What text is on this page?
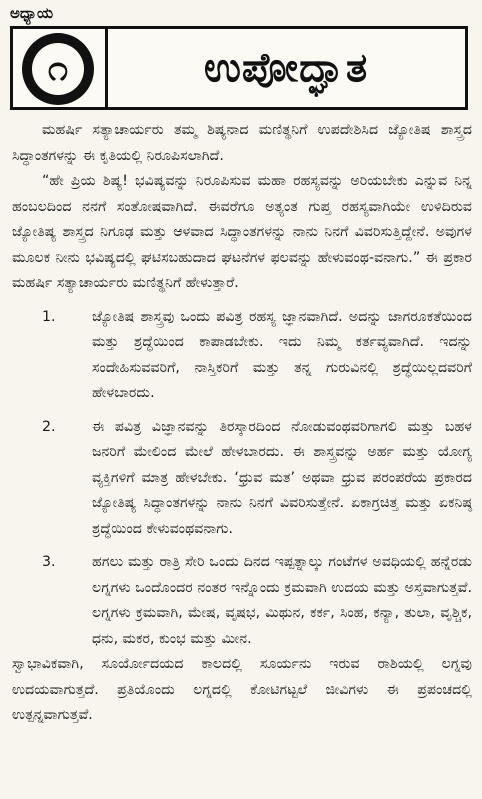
ಅಧ್ಯಾಯ
೧	ಉಪೋದ್ಘಾತ

ಮಹರ್ಷಿ ಸತ್ಯಾಚಾರ್ಯರು ತಮ್ಮ ಶಿಷ್ಯನಾದ ಮಣಿತ್ಥನಿಗೆ ಉಪದೇಶಿಸಿದ ಜ್ಯೋತಿಷ ಶಾಸ್ತ್ರದ ಸಿದ್ಧಾಂತಗಳನ್ನು ಈ ಕೃತಿಯಲ್ಲಿ ನಿರೂಪಿಸಲಾಗಿದೆ.

“ಹೇ ಪ್ರಿಯ ಶಿಷ್ಯ! ಭವಿಷ್ಯವನ್ನು ನಿರೂಪಿಸುವ ಮಹಾ ರಹಸ್ಯವನ್ನು ಅರಿಯಬೇಕು ಎನ್ನುವ ನಿನ್ನ ಹಂಬಲದಿಂದ ನನಗೆ ಸಂತೋಷವಾಗಿದೆ. ಈವರೆಗೂ ಅತ್ಯಂತ ಗುಪ್ತ ರಹಸ್ಯವಾಗಿಯೇ ಉಳಿದಿರುವ ಜ್ಯೋತಿಷ್ಯ ಶಾಸ್ತ್ರದ ನಿಗೂಢ ಮತ್ತು ಆಳವಾದ ಸಿದ್ಧಾಂತಗಳನ್ನು ನಾನು ನಿನಗೆ ವಿವರಿಸುತ್ತಿದ್ದೇನೆ. ಅವುಗಳ ಮೂಲಕ ನೀನು ಭವಿಷ್ಯದಲ್ಲಿ ಘಟಿಸಬಹುದಾದ ಘಟನೆಗಳ ಫಲವನ್ನು ಹೇಳುವಂಥ-ವನಾಗು.” ಈ ಪ್ರಕಾರ ಮಹರ್ಷಿ ಸತ್ಯಾಚಾರ್ಯರು ಮಣಿತ್ಥನಿಗೆ ಹೇಳುತ್ತಾರೆ.

1.	ಜ್ಯೋತಿಷ ಶಾಸ್ತ್ರವು ಒಂದು ಪವಿತ್ರ ರಹಸ್ಯ ಜ್ಞಾನವಾಗಿದೆ. ಅದನ್ನು ಜಾಗರೂಕತೆಯಿಂದ ಮತ್ತು ಶ್ರದ್ಧೆಯಿಂದ ಕಾಪಾಡಬೇಕು. ಇದು ನಿಮ್ಮ ಕರ್ತವ್ಯವಾಗಿದೆ. ಇದನ್ನು ಸಂದೇಹಿಸುವವರಿಗೆ, ನಾಸ್ತಿಕರಿಗೆ ಮತ್ತು ತನ್ನ ಗುರುವಿನಲ್ಲಿ ಶ್ರದ್ಧೆಯಿಲ್ಲದವರಿಗೆ ಹೇಳಬಾರದು.
2.	ಈ ಪವಿತ್ರ ವಿಜ್ಞಾನವನ್ನು ತಿರಸ್ಕಾರದಿಂದ ನೋಡುವಂಥವರಿಗಾಗಲಿ ಮತ್ತು ಬಹಳ ಜನರಿಗೆ ಮೇಲಿಂದ ಮೇಲೆ ಹೇಳಬಾರದು. ಈ ಶಾಸ್ತ್ರವನ್ನು ಅರ್ಹ ಮತ್ತು ಯೋಗ್ಯ ವ್ಯಕ್ತಿಗಳಿಗೆ ಮಾತ್ರ ಹೇಳಬೇಕು. ‘ಧ್ರುವ ಮತ’ ಅಥವಾ ಧ್ರುವ ಪರಂಪರೆಯ ಪ್ರಕಾರದ ಜ್ಯೋತಿಷ್ಯ ಸಿದ್ಧಾಂತಗಳನ್ನು ನಾನು ನಿನಗೆ ವಿವರಿಸುತ್ತೇನೆ. ಏಕಾಗ್ರಚಿತ್ತ ಮತ್ತು ಏಕನಿಷ್ಠ ಶ್ರದ್ಧೆಯಿಂದ ಕೇಳುವಂಥವನಾಗು.
3.	ಹಗಲು ಮತ್ತು ರಾತ್ರಿ ಸೇರಿ ಒಂದು ದಿನದ ಇಪ್ಪತ್ನಾಲ್ಕು ಗಂಟೆಗಳ ಅವಧಿಯಲ್ಲಿ ಹನ್ನೆರಡು ಲಗ್ನಗಳು ಒಂದೊಂದರ ನಂತರ ಇನ್ನೊಂದು ಕ್ರಮವಾಗಿ ಉದಯ ಮತ್ತು ಅಸ್ತವಾಗುತ್ತವೆ. ಲಗ್ನಗಳು ಕ್ರಮವಾಗಿ, ಮೇಷ, ವೃಷಭ, ಮಿಥುನ, ಕರ್ಕ, ಸಿಂಹ, ಕನ್ಯಾ, ತುಲಾ, ವೃಶ್ಚಿಕ, ಧನು, ಮಕರ, ಕುಂಭ ಮತ್ತು ಮೀನ.

ಸ್ವಾಭಾವಿಕವಾಗಿ, ಸೂರ್ಯೋದಯದ ಕಾಲದಲ್ಲಿ ಸೂರ್ಯನು ಇರುವ ರಾಶಿಯಲ್ಲಿ ಲಗ್ನವು ಉದಯವಾಗುತ್ತದೆ. ಪ್ರತಿಯೊಂದು ಲಗ್ನದಲ್ಲಿ ಕೋಟಿಗಟ್ಟಲೆ ಜೀವಿಗಳು ಈ ಪ್ರಪಂಚದಲ್ಲಿ ಉತ್ಪನ್ನವಾಗುತ್ತವೆ.
